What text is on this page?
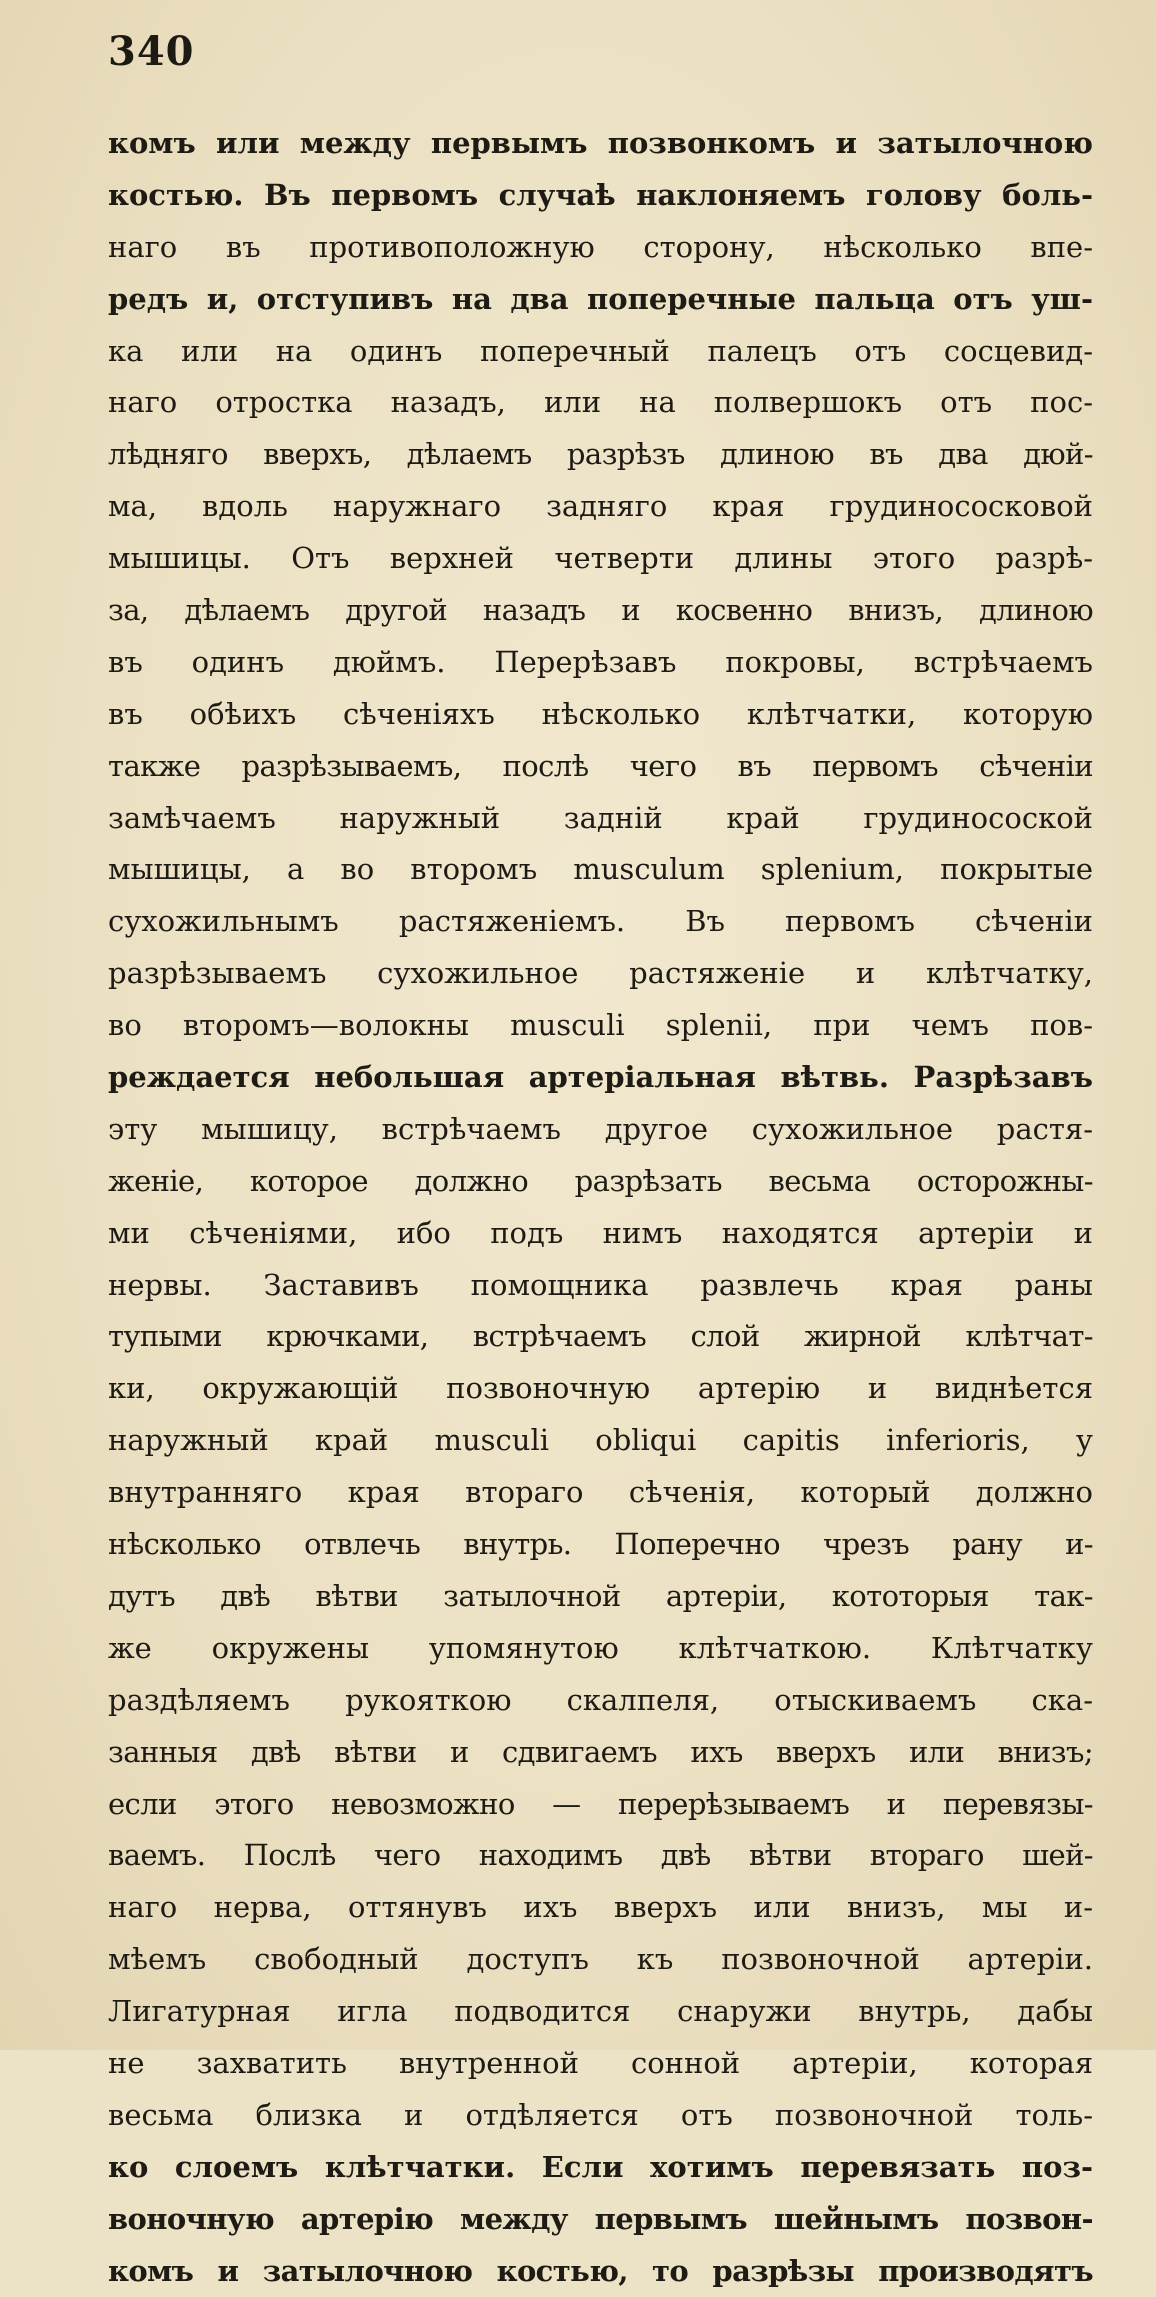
340
комъ или между первымъ позвонкомъ и затылочною
костью. Въ первомъ случаѣ наклоняемъ голову боль-
наго въ противоположную сторону, нѣсколько впе-
редъ и, отступивъ на два поперечные пальца отъ уш-
ка или на одинъ поперечный палецъ отъ сосцевид-
наго отростка назадъ, или на полвершокъ отъ пос-
лѣдняго вверхъ, дѣлаемъ разрѣзъ длиною въ два дюй-
ма, вдоль наружнаго задняго края грудинососковой
мышицы. Отъ верхней четверти длины этого разрѣ-
за, дѣлаемъ другой назадъ и косвенно внизъ, длиною
въ одинъ дюймъ. Перерѣзавъ покровы, встрѣчаемъ
въ обѣихъ сѣченіяхъ нѣсколько клѣтчатки, которую
также разрѣзываемъ, послѣ чего въ первомъ сѣченіи
замѣчаемъ наружный задній край грудиносоской
мышицы, а во второмъ musculum splenium, покрытые
сухожильнымъ растяженіемъ. Въ первомъ сѣченіи
разрѣзываемъ сухожильное растяженіе и клѣтчатку,
во второмъ—волокны musculi splenii, при чемъ пов-
реждается небольшая артеріальная вѣтвь. Разрѣзавъ
эту мышицу, встрѣчаемъ другое сухожильное растя-
женіе, которое должно разрѣзать весьма осторожны-
ми сѣченіями, ибо подъ нимъ находятся артеріи и
нервы. Заставивъ помощника развлечь края раны
тупыми крючками, встрѣчаемъ слой жирной клѣтчат-
ки, окружающій позвоночную артерію и виднѣется
наружный край musculi obliqui capitis inferioris, у
внутранняго края втораго сѣченія, который должно
нѣсколько отвлечь внутрь. Поперечно чрезъ рану и-
дутъ двѣ вѣтви затылочной артеріи, кототорыя так-
же окружены упомянутою клѣтчаткою. Клѣтчатку
раздѣляемъ рукояткою скалпеля, отыскиваемъ ска-
занныя двѣ вѣтви и сдвигаемъ ихъ вверхъ или внизъ;
если этого невозможно — перерѣзываемъ и перевязы-
ваемъ. Послѣ чего находимъ двѣ вѣтви втораго шей-
наго нерва, оттянувъ ихъ вверхъ или внизъ, мы и-
мѣемъ свободный доступъ къ позвоночной артеріи.
Лигатурная игла подводится снаружи внутрь, дабы
не захватить внутренной сонной артеріи, которая
весьма близка и отдѣляется отъ позвоночной толь-
ко слоемъ клѣтчатки. Если хотимъ перевязать поз-
воночную артерію между первымъ шейнымъ позвон-
комъ и затылочною костью, то разрѣзы производятъ
